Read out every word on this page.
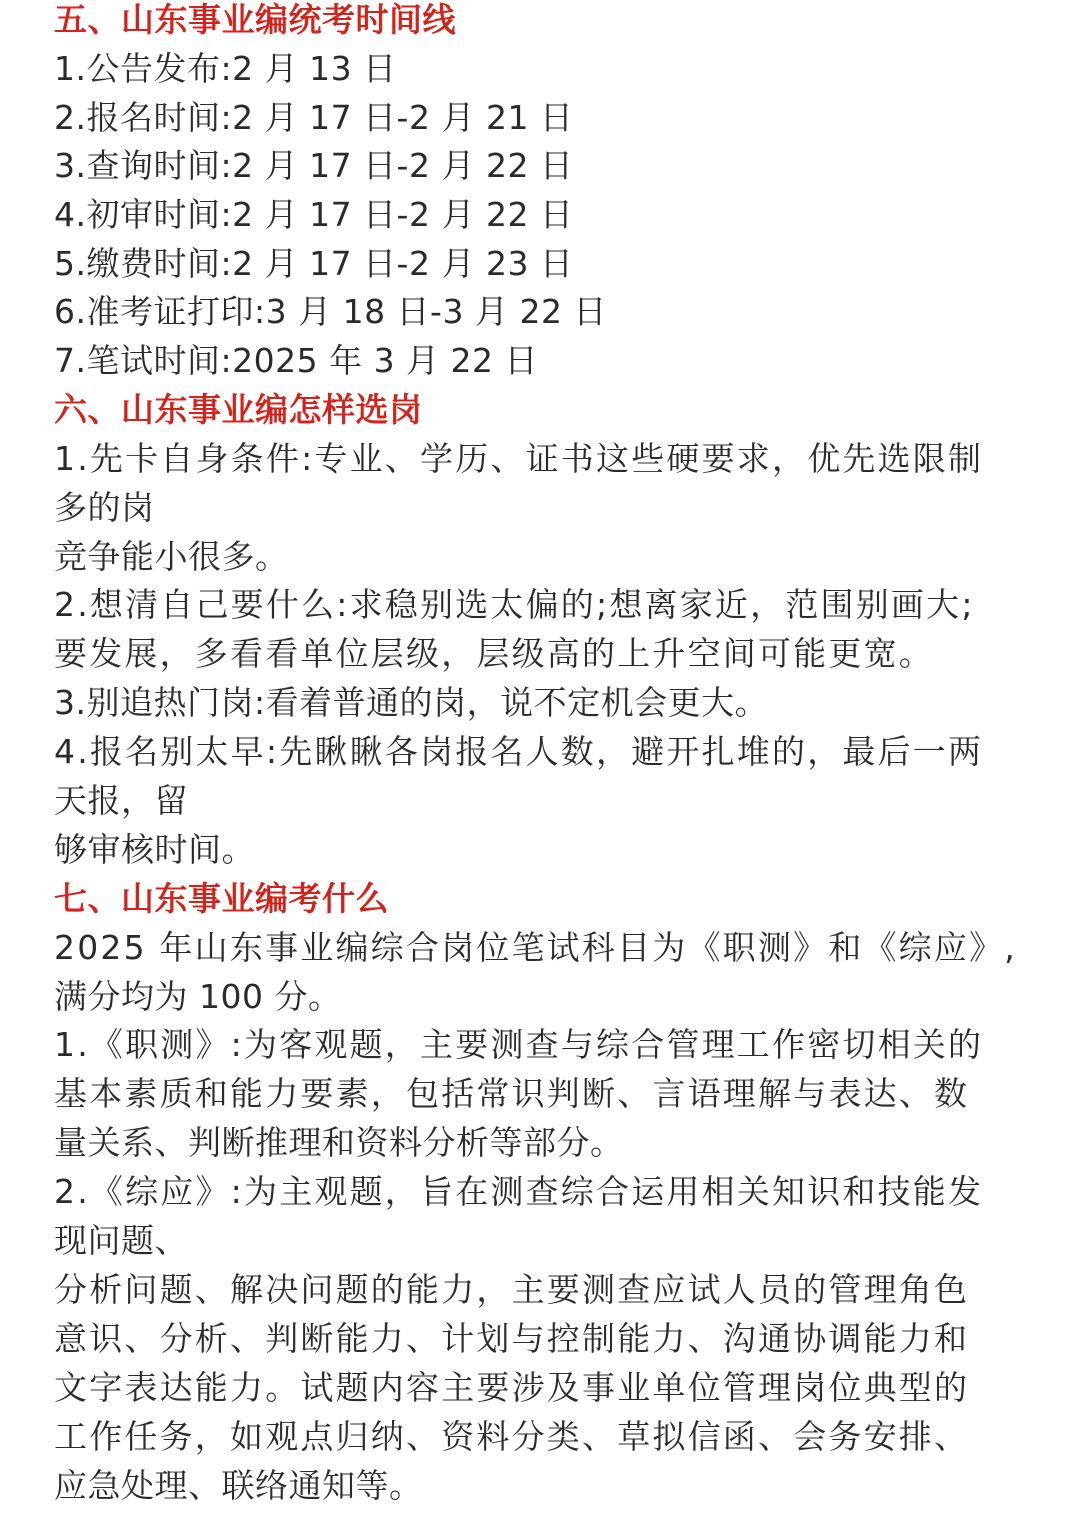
五、山东事业编统考时间线
1.公告发布:2 月 13 日
2.报名时间:2 月 17 日-2 月 21 日
3.查询时间:2 月 17 日-2 月 22 日
4.初审时间:2 月 17 日-2 月 22 日
5.缴费时间:2 月 17 日-2 月 23 日
6.准考证打印:3 月 18 日-3 月 22 日
7.笔试时间:2025 年 3 月 22 日
六、山东事业编怎样选岗
1.先卡自身条件:专业、学历、证书这些硬要求，优先选限制
多的岗
竞争能小很多。
2.想清自己要什么:求稳别选太偏的;想离家近，范围别画大;
要发展，多看看单位层级，层级高的上升空间可能更宽。
3.别追热门岗:看着普通的岗，说不定机会更大。
4.报名别太早:先瞅瞅各岗报名人数，避开扎堆的，最后一两
天报，留
够审核时间。
七、山东事业编考什么
2025 年山东事业编综合岗位笔试科目为《职测》和《综应》,
满分均为 100 分。
1.《职测》:为客观题，主要测查与综合管理工作密切相关的
基本素质和能力要素，包括常识判断、言语理解与表达、数
量关系、判断推理和资料分析等部分。
2.《综应》:为主观题，旨在测查综合运用相关知识和技能发
现问题、
分析问题、解决问题的能力，主要测查应试人员的管理角色
意识、分析、判断能力、计划与控制能力、沟通协调能力和
文字表达能力。试题内容主要涉及事业单位管理岗位典型的
工作任务，如观点归纳、资料分类、草拟信函、会务安排、
应急处理、联络通知等。
